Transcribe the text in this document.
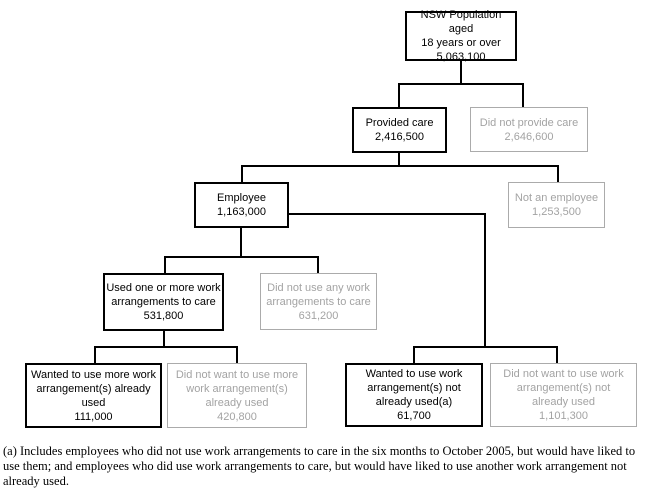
NSW Population aged
18 years or over
5,063,100
Provided care
2,416,500
Did not provide care
2,646,600
Employee
1,163,000
Not an employee
1,253,500
Used one or more work
arrangements to care
531,800
Did not use any work
arrangements to care
631,200
Wanted to use more work
arrangement(s) already
used
111,000
Did not want to use more
work arrangement(s)
already used
420,800
Wanted to use work
arrangement(s) not
already used(a)
61,700
Did not want to use work
arrangement(s) not
already used
1,101,300
(a) Includes employees who did not use work arrangements to care in the six months to October 2005, but would have liked to use them; and employees who did use work arrangements to care, but would have liked to use another work arrangement not already used.
